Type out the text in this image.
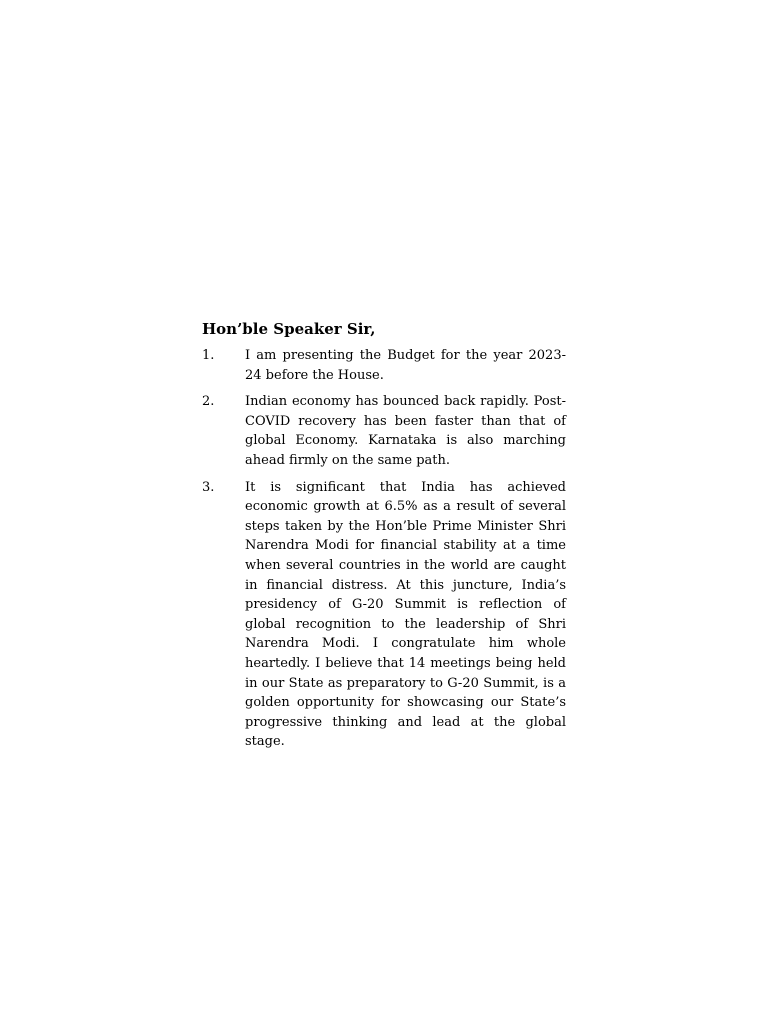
Hon’ble Speaker Sir,
1.	I am presenting the Budget for the year 2023-24 before the House.
2.	Indian economy has bounced back rapidly. Post-COVID recovery has been faster than that of global Economy. Karnataka is also marching ahead firmly on the same path.
3.	It is significant that India has achieved economic growth at 6.5% as a result of several steps taken by the Hon’ble Prime Minister Shri Narendra Modi for financial stability at a time when several countries in the world are caught in financial distress. At this juncture, India’s presidency of G-20 Summit is reflection of global recognition to the leadership of Shri Narendra Modi. I congratulate him whole heartedly. I believe that 14 meetings being held in our State as preparatory to G-20 Summit, is a golden opportunity for showcasing our State’s progressive thinking and lead at the global stage.
